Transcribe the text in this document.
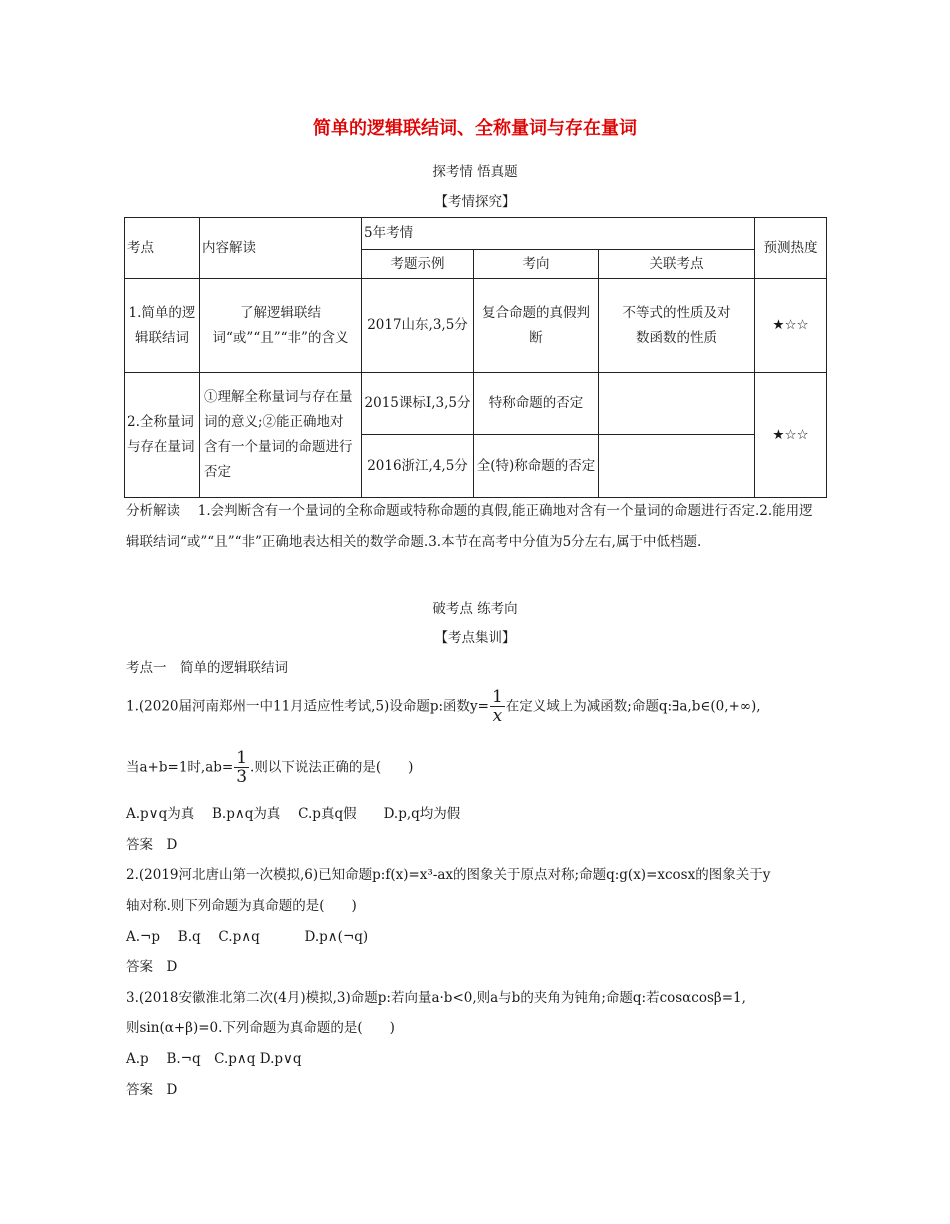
简单的逻辑联结词、全称量词与存在量词
探考情 悟真题
【考情探究】
考点	内容解读	5年考情			预测热度
		考题示例	考向	关联考点	
1.简单的逻辑联结词	了解逻辑联结词“或”“且”“非”的含义	2017山东,3,5分	复合命题的真假判断	不等式的性质及对数函数的性质	★☆☆
2.全称量词与存在量词	①理解全称量词与存在量词的意义;②能正确地对含有一个量词的命题进行否定	2015课标Ⅰ,3,5分	特称命题的否定		★☆☆
		2016浙江,4,5分	全(特)称命题的否定		
分析解读　 1.会判断含有一个量词的全称命题或特称命题的真假,能正确地对含有一个量词的命题进行否定.2.能用逻辑联结词“或”“且”“非”正确地表达相关的数学命题.3.本节在高考中分值为5分左右,属于中低档题.
破考点 练考向
【考点集训】
考点一　简单的逻辑联结词
1.(2020届河南郑州一中11月适应性考试,5)设命题p:函数$y= \frac{1}{x}$ 在定义域上为减函数;命题q:∃a,b∈(0,+∞),
当a+b=1时$,ab= \frac{1}{3}$ .则以下说法正确的是(　　)
A.p∨q为真　 B.p∧q为真　 C.p真q假　　D.p,q均为假
答案　D
2.(2019河北唐山第一次模拟,6)已知命题p:f(x)=x³-ax的图象关于原点对称;命题q:g(x)=xcosx的图象关于y
轴对称.则下列命题为真命题的是(　　)
A.¬p　 B.q　 C.p∧q　　　 D.p∧(¬q)
答案　D
3.(2018安徽淮北第二次(4月)模拟,3)命题p:若向量a·b<0,则a与b的夹角为钝角;命题q:若cosαcosβ=1,
则sin(α+β)=0.下列命题为真命题的是(　　)
A.p　 B.¬q　C.p∧q D.p∨q
答案　D
